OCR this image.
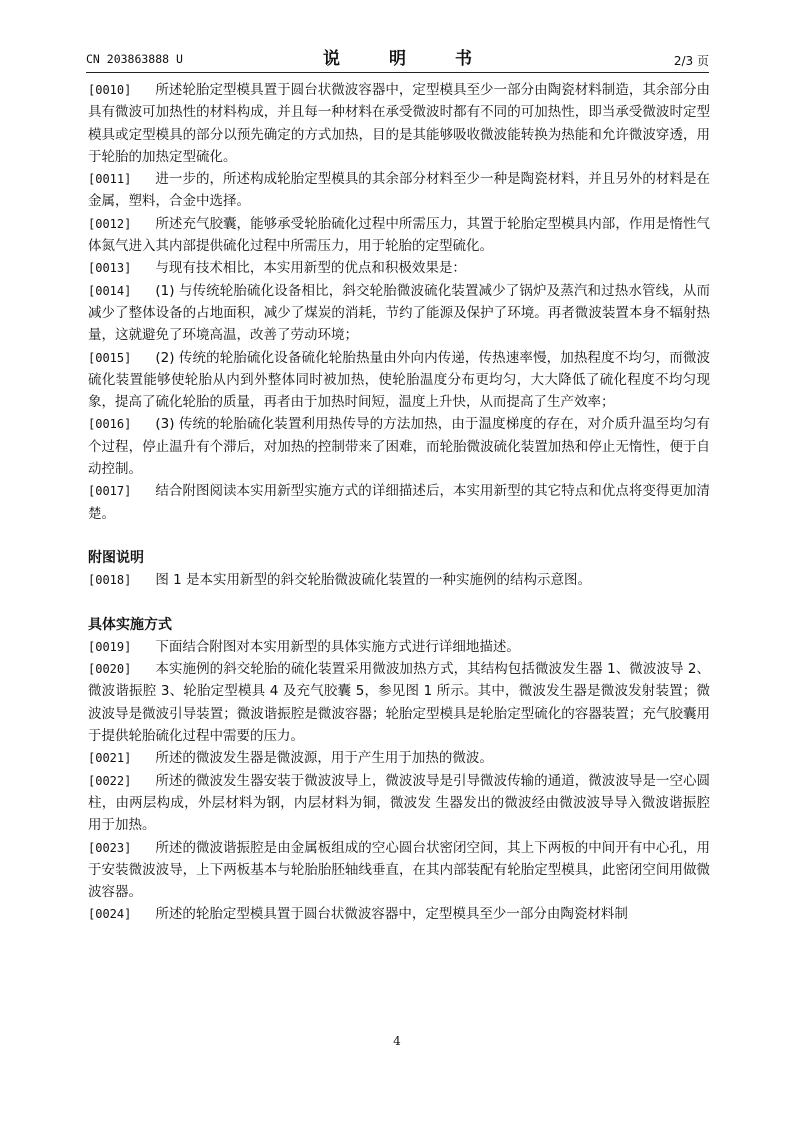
CN 203863888 U	说　明　书	2/3 页

[0010] 所述轮胎定型模具置于圆台状微波容器中，定型模具至少一部分由陶瓷材料制造，其余部分由具有微波可加热性的材料构成，并且每一种材料在承受微波时都有不同的可加热性，即当承受微波时定型模具或定型模具的部分以预先确定的方式加热，目的是其能够吸收微波能转换为热能和允许微波穿透，用于轮胎的加热定型硫化。

[0011] 进一步的，所述构成轮胎定型模具的其余部分材料至少一种是陶瓷材料，并且另外的材料是在金属，塑料，合金中选择。

[0012] 所述充气胶囊，能够承受轮胎硫化过程中所需压力，其置于轮胎定型模具内部，作用是惰性气体氮气进入其内部提供硫化过程中所需压力，用于轮胎的定型硫化。

[0013] 与现有技术相比，本实用新型的优点和积极效果是：

[0014] (1) 与传统轮胎硫化设备相比，斜交轮胎微波硫化装置减少了锅炉及蒸汽和过热水管线，从而减少了整体设备的占地面积，减少了煤炭的消耗，节约了能源及保护了环境。再者微波装置本身不辐射热量，这就避免了环境高温，改善了劳动环境；

[0015] (2) 传统的轮胎硫化设备硫化轮胎热量由外向内传递，传热速率慢，加热程度不均匀，而微波硫化装置能够使轮胎从内到外整体同时被加热，使轮胎温度分布更均匀，大大降低了硫化程度不均匀现象，提高了硫化轮胎的质量，再者由于加热时间短，温度上升快，从而提高了生产效率；

[0016] (3) 传统的轮胎硫化装置利用热传导的方法加热，由于温度梯度的存在，对介质升温至均匀有个过程，停止温升有个滞后，对加热的控制带来了困难，而轮胎微波硫化装置加热和停止无惰性，便于自动控制。

[0017] 结合附图阅读本实用新型实施方式的详细描述后，本实用新型的其它特点和优点将变得更加清楚。

附图说明

[0018] 图 1 是本实用新型的斜交轮胎微波硫化装置的一种实施例的结构示意图。

具体实施方式

[0019] 下面结合附图对本实用新型的具体实施方式进行详细地描述。

[0020] 本实施例的斜交轮胎的硫化装置采用微波加热方式，其结构包括微波发生器 1、微波波导 2、微波谐振腔 3、轮胎定型模具 4 及充气胶囊 5，参见图 1 所示。其中，微波发生器是微波发射装置；微波波导是微波引导装置；微波谐振腔是微波容器；轮胎定型模具是轮胎定型硫化的容器装置；充气胶囊用于提供轮胎硫化过程中需要的压力。

[0021] 所述的微波发生器是微波源，用于产生用于加热的微波。

[0022] 所述的微波发生器安装于微波波导上，微波波导是引导微波传输的通道，微波波导是一空心圆柱，由两层构成，外层材料为钢，内层材料为铜，微波发 生器发出的微波经由微波波导导入微波谐振腔用于加热。

[0023] 所述的微波谐振腔是由金属板组成的空心圆台状密闭空间，其上下两板的中间开有中心孔，用于安装微波波导，上下两板基本与轮胎胎胚轴线垂直，在其内部装配有轮胎定型模具，此密闭空间用做微波容器。

[0024] 所述的轮胎定型模具置于圆台状微波容器中，定型模具至少一部分由陶瓷材料制

4
